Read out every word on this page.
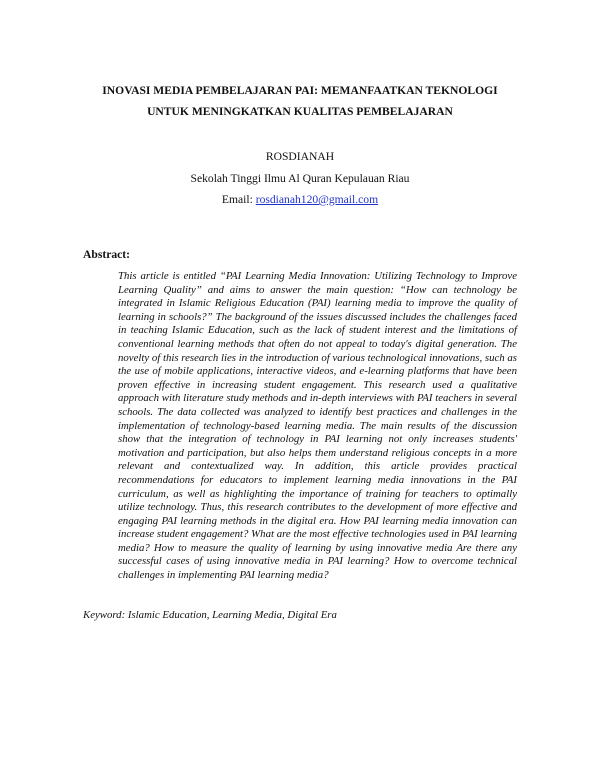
INOVASI MEDIA PEMBELAJARAN PAI: MEMANFAATKAN TEKNOLOGI
UNTUK MENINGKATKAN KUALITAS PEMBELAJARAN
ROSDIANAH
Sekolah Tinggi Ilmu Al Quran Kepulauan Riau
Email: rosdianah120@gmail.com
Abstract:

This article is entitled “PAI Learning Media Innovation: Utilizing Technology to Improve Learning Quality” and aims to answer the main question: “How can technology be integrated in Islamic Religious Education (PAI) learning media to improve the quality of learning in schools?” The background of the issues discussed includes the challenges faced in teaching Islamic Education, such as the lack of student interest and the limitations of conventional learning methods that often do not appeal to today's digital generation. The novelty of this research lies in the introduction of various technological innovations, such as the use of mobile applications, interactive videos, and e-learning platforms that have been proven effective in increasing student engagement. This research used a qualitative approach with literature study methods and in-depth interviews with PAI teachers in several schools. The data collected was analyzed to identify best practices and challenges in the implementation of technology-based learning media. The main results of the discussion show that the integration of technology in PAI learning not only increases students' motivation and participation, but also helps them understand religious concepts in a more relevant and contextualized way. In addition, this article provides practical recommendations for educators to implement learning media innovations in the PAI curriculum, as well as highlighting the importance of training for teachers to optimally utilize technology. Thus, this research contributes to the development of more effective and engaging PAI learning methods in the digital era. How PAI learning media innovation can increase student engagement? What are the most effective technologies used in PAI learning media? How to measure the quality of learning by using innovative media Are there any successful cases of using innovative media in PAI learning? How to overcome technical challenges in implementing PAI learning media?

Keyword: Islamic Education, Learning Media, Digital Era
